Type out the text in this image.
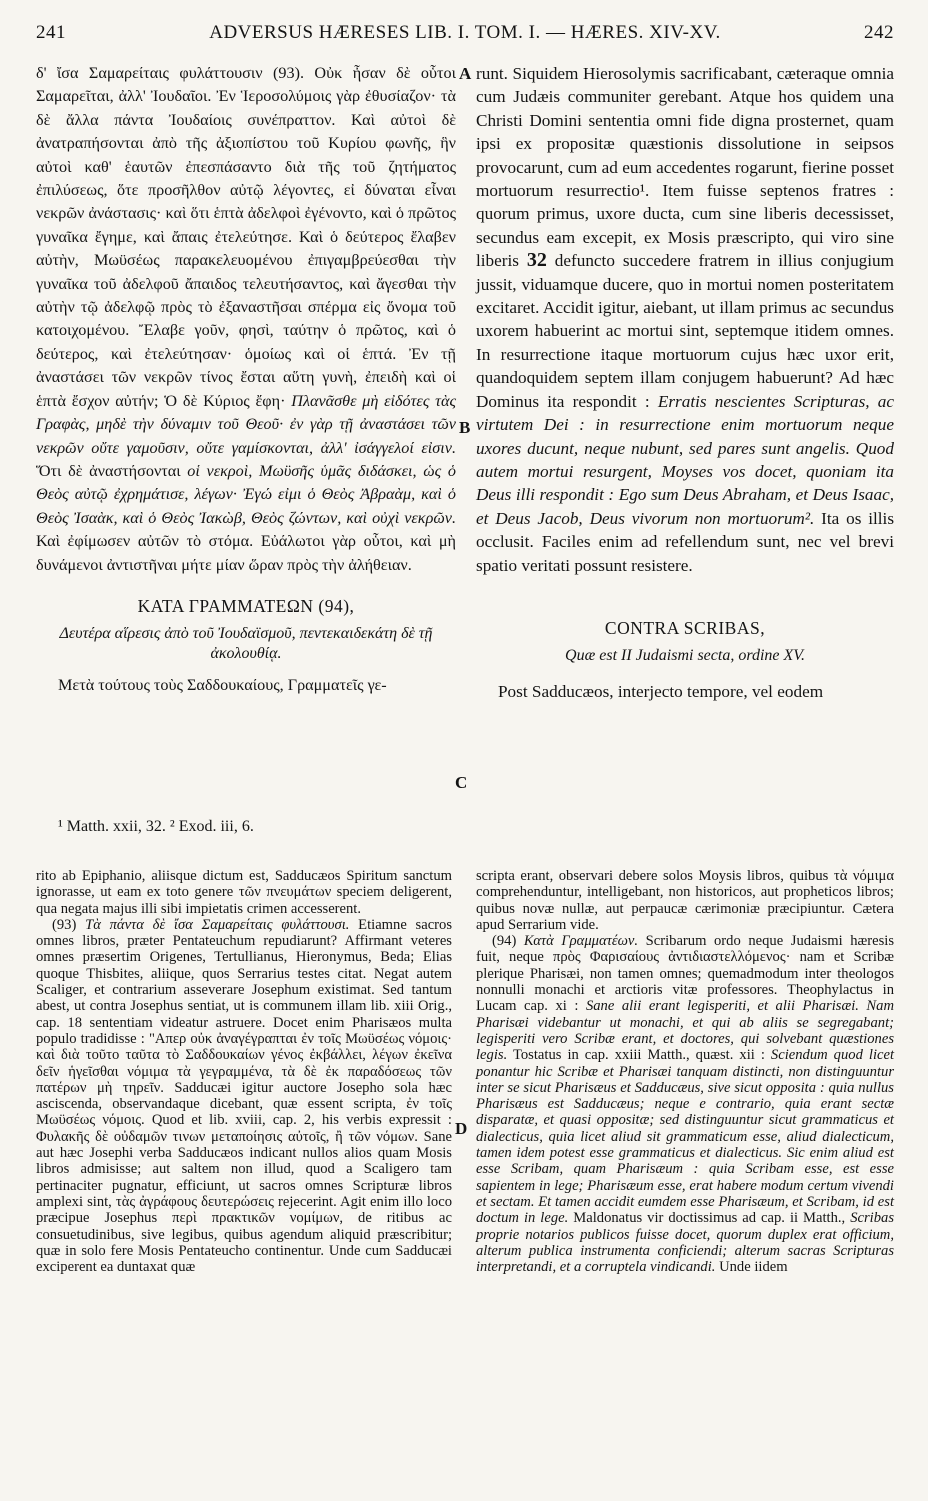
241	ADVERSUS HÆRESES LIB. I. TOM. I. — HÆRES. XIV-XV.	242
A
B
C
D

δ' ἴσα Σαμαρείταις φυλάττουσιν (93). Οὐκ ἦσαν δὲ οὗτοι Σαμαρεῖται, ἀλλ' Ἰουδαῖοι. Ἐν Ἱεροσολύμοις γὰρ ἐθυσίαζον· τὰ δὲ ἄλλα πάντα Ἰουδαίοις συνέπραττον. Καὶ αὐτοὶ δὲ ἀνατραπήσονται ἀπὸ τῆς ἀξιοπίστου τοῦ Κυρίου φωνῆς, ἣν αὐτοὶ καθ' ἑαυτῶν ἐπεσπάσαντο διὰ τῆς τοῦ ζητήματος ἐπιλύσεως, ὅτε προσῆλθον αὐτῷ λέγοντες, εἰ δύναται εἶναι νεκρῶν ἀνάστασις· καὶ ὅτι ἑπτὰ ἀδελφοὶ ἐγένοντο, καὶ ὁ πρῶτος γυναῖκα ἔγημε, καὶ ἄπαις ἐτελεύτησε. Καὶ ὁ δεύτερος ἔλαβεν αὐτὴν, Μωϋσέως παρακελευομένου ἐπιγαμβρεύεσθαι τὴν γυναῖκα τοῦ ἀδελφοῦ ἄπαιδος τελευτήσαντος, καὶ ἄγεσθαι τὴν αὐτὴν τῷ ἀδελφῷ πρὸς τὸ ἐξαναστῆσαι σπέρμα εἰς ὄνομα τοῦ κατοιχομένου. Ἔλαβε γοῦν, φησὶ, ταύτην ὁ πρῶτος, καὶ ὁ δεύτερος, καὶ ἐτελεύτησαν· ὁμοίως καὶ οἱ ἑπτά. Ἐν τῇ ἀναστάσει τῶν νεκρῶν τίνος ἔσται αὕτη γυνὴ, ἐπειδὴ καὶ οἱ ἑπτὰ ἔσχον αὐτήν; Ὁ δὲ Κύριος ἔφη· Πλανᾶσθε μὴ εἰδότες τὰς Γραφὰς, μηδὲ τὴν δύναμιν τοῦ Θεοῦ· ἐν γὰρ τῇ ἀναστάσει τῶν νεκρῶν οὔτε γαμοῦσιν, οὔτε γαμίσκονται, ἀλλ' ἰσάγγελοί εἰσιν. Ὅτι δὲ ἀναστήσονται οἱ νεκροὶ, Μωϋσῆς ὑμᾶς διδάσκει, ὡς ὁ Θεὸς αὐτῷ ἐχρημάτισε, λέγων· Ἐγώ εἰμι ὁ Θεὸς Ἀβραὰμ, καὶ ὁ Θεὸς Ἰσαὰκ, καὶ ὁ Θεὸς Ἰακὼβ, Θεὸς ζώντων, καὶ οὐχὶ νεκρῶν. Καὶ ἐφίμωσεν αὐτῶν τὸ στόμα. Εὐάλωτοι γὰρ οὗτοι, καὶ μὴ δυνάμενοι ἀντιστῆναι μήτε μίαν ὥραν πρὸς τὴν ἀλήθειαν.

ΚΑΤΑ ΓΡΑΜΜΑΤΕΩΝ (94),
Δευτέρα αἵρεσις ἀπὸ τοῦ Ἰουδαϊσμοῦ, πεντεκαιδεκάτη δὲ τῇ ἀκολουθίᾳ.

Μετὰ τούτους τοὺς Σαδδουκαίους, Γραμματεῖς γε-

¹ Matth. xxii, 32. ² Exod. iii, 6.

runt. Siquidem Hierosolymis sacrificabant, cæteraque omnia cum Judæis communiter gerebant. Atque hos quidem una Christi Domini sententia omni fide digna prosternet, quam ipsi ex propositæ quæstionis dissolutione in seipsos provocarunt, cum ad eum accedentes rogarunt, fierine posset mortuorum resurrectio¹. Item fuisse septenos fratres : quorum primus, uxore ducta, cum sine liberis decessisset, secundus eam excepit, ex Mosis præscripto, qui viro sine liberis 32 defuncto succedere fratrem in illius conjugium jussit, viduamque ducere, quo in mortui nomen posteritatem excitaret. Accidit igitur, aiebant, ut illam primus ac secundus uxorem habuerint ac mortui sint, septemque itidem omnes. In resurrectione itaque mortuorum cujus hæc uxor erit, quandoquidem septem illam conjugem habuerunt? Ad hæc Dominus ita respondit : Erratis nescientes Scripturas, ac virtutem Dei : in resurrectione enim mortuorum neque uxores ducunt, neque nubunt, sed pares sunt angelis. Quod autem mortui resurgent, Moyses vos docet, quoniam ita Deus illi respondit : Ego sum Deus Abraham, et Deus Isaac, et Deus Jacob, Deus vivorum non mortuorum². Ita os illis occlusit. Faciles enim ad refellendum sunt, nec vel brevi spatio veritati possunt resistere.

CONTRA SCRIBAS,
Quæ est II Judaismi secta, ordine XV.

Post Sadducæos, interjecto tempore, vel eodem

rito ab Epiphanio, aliisque dictum est, Sadducæos Spiritum sanctum ignorasse, ut eam ex toto genere τῶν πνευμάτων speciem deligerent, qua negata majus illi sibi impietatis crimen accesserent.

(93) Τὰ πάντα δὲ ἴσα Σαμαρείταις φυλάττουσι. Etiamne sacros omnes libros, præter Pentateuchum repudiarunt? Affirmant veteres omnes præsertim Origenes, Tertullianus, Hieronymus, Beda; Elias quoque Thisbites, aliique, quos Serrarius testes citat. Negat autem Scaliger, et contrarium asseverare Josephum existimat. Sed tantum abest, ut contra Josephus sentiat, ut is communem illam lib. xiii Orig., cap. 18 sententiam videatur astruere. Docet enim Pharisæos multa populo tradidisse : "Απερ οὐκ ἀναγέγραπται ἐν τοῖς Μωϋσέως νόμοις· καὶ διὰ τοῦτο ταῦτα τὸ Σαδδουκαίων γένος ἐκβάλλει, λέγων ἐκεῖνα δεῖν ἡγεῖσθαι νόμιμα τὰ γεγραμμένα, τὰ δὲ ἐκ παραδόσεως τῶν πατέρων μὴ τηρεῖν. Sadducæi igitur auctore Josepho sola hæc asciscenda, observandaque dicebant, quæ essent scripta, ἐν τοῖς Μωϋσέως νόμοις. Quod et lib. xviii, cap. 2, his verbis expressit : Φυλακῆς δὲ οὐδαμῶν τινων μεταποίησις αὐτοῖς, ἢ τῶν νόμων. Sane aut hæc Josephi verba Sadducæos indicant nullos alios quam Mosis libros admisisse; aut saltem non illud, quod a Scaligero tam pertinaciter pugnatur, efficiunt, ut sacros omnes Scripturæ libros amplexi sint, τὰς ἀγράφους δευτερώσεις rejecerint. Agit enim illo loco præcipue Josephus περὶ πρακτικῶν νομίμων, de ritibus ac consuetudinibus, sive legibus, quibus agendum aliquid præscribitur; quæ in solo fere Mosis Pentateucho continentur. Unde cum Sadducæi exciperent ea duntaxat quæ

scripta erant, observari debere solos Moysis libros, quibus τὰ νόμιμα comprehenduntur, intelligebant, non historicos, aut propheticos libros; quibus novæ nullæ, aut perpaucæ cærimoniæ præcipiuntur. Cætera apud Serrarium vide.

(94) Κατὰ Γραμματέων. Scribarum ordo neque Judaismi hæresis fuit, neque πρὸς Φαρισαίους ἀντιδιαστελλόμενος· nam et Scribæ plerique Pharisæi, non tamen omnes; quemadmodum inter theologos nonnulli monachi et arctioris vitæ professores. Theophylactus in Lucam cap. xi : Sane alii erant legisperiti, et alii Pharisæi. Nam Pharisæi videbantur ut monachi, et qui ab aliis se segregabant; legisperiti vero Scribæ erant, et doctores, qui solvebant quæstiones legis. Tostatus in cap. xxiii Matth., quæst. xii : Sciendum quod licet ponantur hic Scribæ et Pharisæi tanquam distincti, non distinguuntur inter se sicut Pharisæus et Sadducæus, sive sicut opposita : quia nullus Pharisæus est Sadducæus; neque e contrario, quia erant sectæ disparatæ, et quasi oppositæ; sed distinguuntur sicut grammaticus et dialecticus, quia licet aliud sit grammaticum esse, aliud dialecticum, tamen idem potest esse grammaticus et dialecticus. Sic enim aliud est esse Scribam, quam Pharisæum : quia Scribam esse, est esse sapientem in lege; Pharisæum esse, erat habere modum certum vivendi et sectam. Et tamen accidit eumdem esse Pharisæum, et Scribam, id est doctum in lege. Maldonatus vir doctissimus ad cap. ii Matth., Scribas proprie notarios publicos fuisse docet, quorum duplex erat officium, alterum publica instrumenta conficiendi; alterum sacras Scripturas interpretandi, et a corruptela vindicandi. Unde iidem
